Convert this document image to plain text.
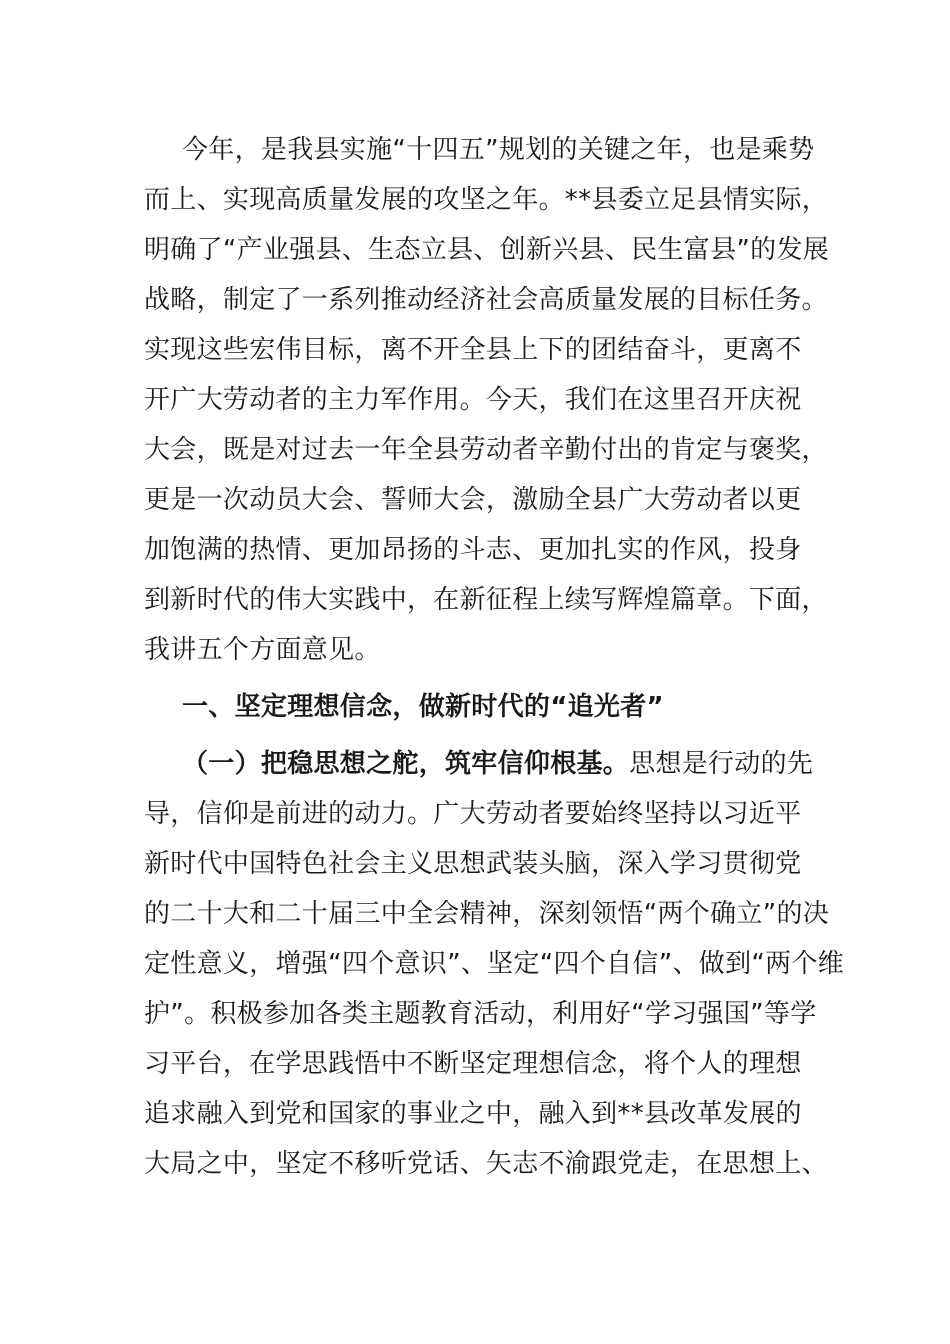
今年，是我县实施“十四五”规划的关键之年，也是乘势
而上、实现高质量发展的攻坚之年。**县委立足县情实际，
明确了“产业强县、生态立县、创新兴县、民生富县”的发展
战略，制定了一系列推动经济社会高质量发展的目标任务。
实现这些宏伟目标，离不开全县上下的团结奋斗，更离不
开广大劳动者的主力军作用。今天，我们在这里召开庆祝
大会，既是对过去一年全县劳动者辛勤付出的肯定与褒奖，
更是一次动员大会、誓师大会，激励全县广大劳动者以更
加饱满的热情、更加昂扬的斗志、更加扎实的作风，投身
到新时代的伟大实践中，在新征程上续写辉煌篇章。下面，
我讲五个方面意见。
一、坚定理想信念，做新时代的“追光者”
（一）把稳思想之舵，筑牢信仰根基。思想是行动的先
导，信仰是前进的动力。广大劳动者要始终坚持以习近平
新时代中国特色社会主义思想武装头脑，深入学习贯彻党
的二十大和二十届三中全会精神，深刻领悟“两个确立”的决
定性意义，增强“四个意识”、坚定“四个自信”、做到“两个维
护”。积极参加各类主题教育活动，利用好“学习强国”等学
习平台，在学思践悟中不断坚定理想信念，将个人的理想
追求融入到党和国家的事业之中，融入到**县改革发展的
大局之中，坚定不移听党话、矢志不渝跟党走，在思想上、
